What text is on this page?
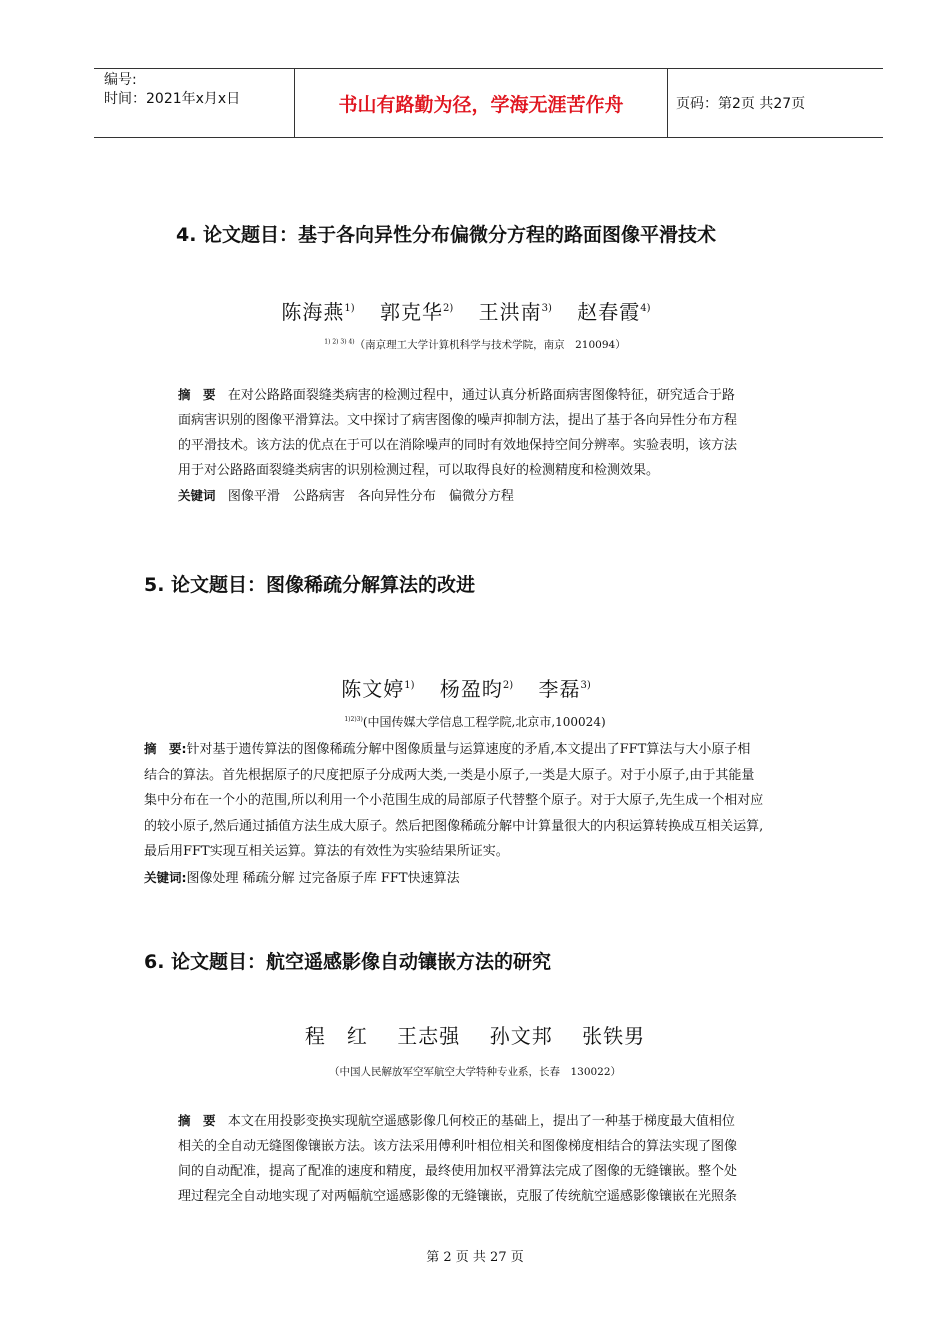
编号:
时间：2021年x月x日	书山有路勤为径，学海无涯苦作舟	页码：第2页 共27页
4. 论文题目：基于各向异性分布偏微分方程的路面图像平滑技术
陈海燕$^{1)}$ 郭克华$^{2)}$ 王洪南$^{3)}$ 赵春霞$^{4)}$
$^{1) 2) 3) 4)}$（南京理工大学计算机科学与技术学院，南京　210094）
摘　要 在对公路路面裂缝类病害的检测过程中，通过认真分析路面病害图像特征，研究适合于路
面病害识别的图像平滑算法。文中探讨了病害图像的噪声抑制方法，提出了基于各向异性分布方程
的平滑技术。该方法的优点在于可以在消除噪声的同时有效地保持空间分辨率。实验表明，该方法
用于对公路路面裂缝类病害的识别检测过程，可以取得良好的检测精度和检测效果。
关键词 图像平滑　公路病害　各向异性分布　偏微分方程
5. 论文题目：图像稀疏分解算法的改进
陈文婷$^{1)}$ 杨盈昀$^{2)}$ 李磊$^{3)}$
$^{1)2)3)}$(中国传媒大学信息工程学院,北京市,100024)
摘　要:针对基于遗传算法的图像稀疏分解中图像质量与运算速度的矛盾,本文提出了FFT算法与大小原子相
结合的算法。首先根据原子的尺度把原子分成两大类,一类是小原子,一类是大原子。对于小原子,由于其能量
集中分布在一个小的范围,所以利用一个小范围生成的局部原子代替整个原子。对于大原子,先生成一个相对应
的较小原子,然后通过插值方法生成大原子。然后把图像稀疏分解中计算量很大的内积运算转换成互相关运算,
最后用FFT实现互相关运算。算法的有效性为实验结果所证实。
关键词:图像处理 稀疏分解 过完备原子库 FFT快速算法
6. 论文题目：航空遥感影像自动镶嵌方法的研究
程　红 王志强 孙文邦 张铁男
（中国人民解放军空军航空大学特种专业系，长春　130022）
摘　要 本文在用投影变换实现航空遥感影像几何校正的基础上，提出了一种基于梯度最大值相位
相关的全自动无缝图像镶嵌方法。该方法采用傅利叶相位相关和图像梯度相结合的算法实现了图像
间的自动配准，提高了配准的速度和精度，最终使用加权平滑算法完成了图像的无缝镶嵌。整个处
理过程完全自动地实现了对两幅航空遥感影像的无缝镶嵌，克服了传统航空遥感影像镶嵌在光照条
第 2 页 共 27 页
